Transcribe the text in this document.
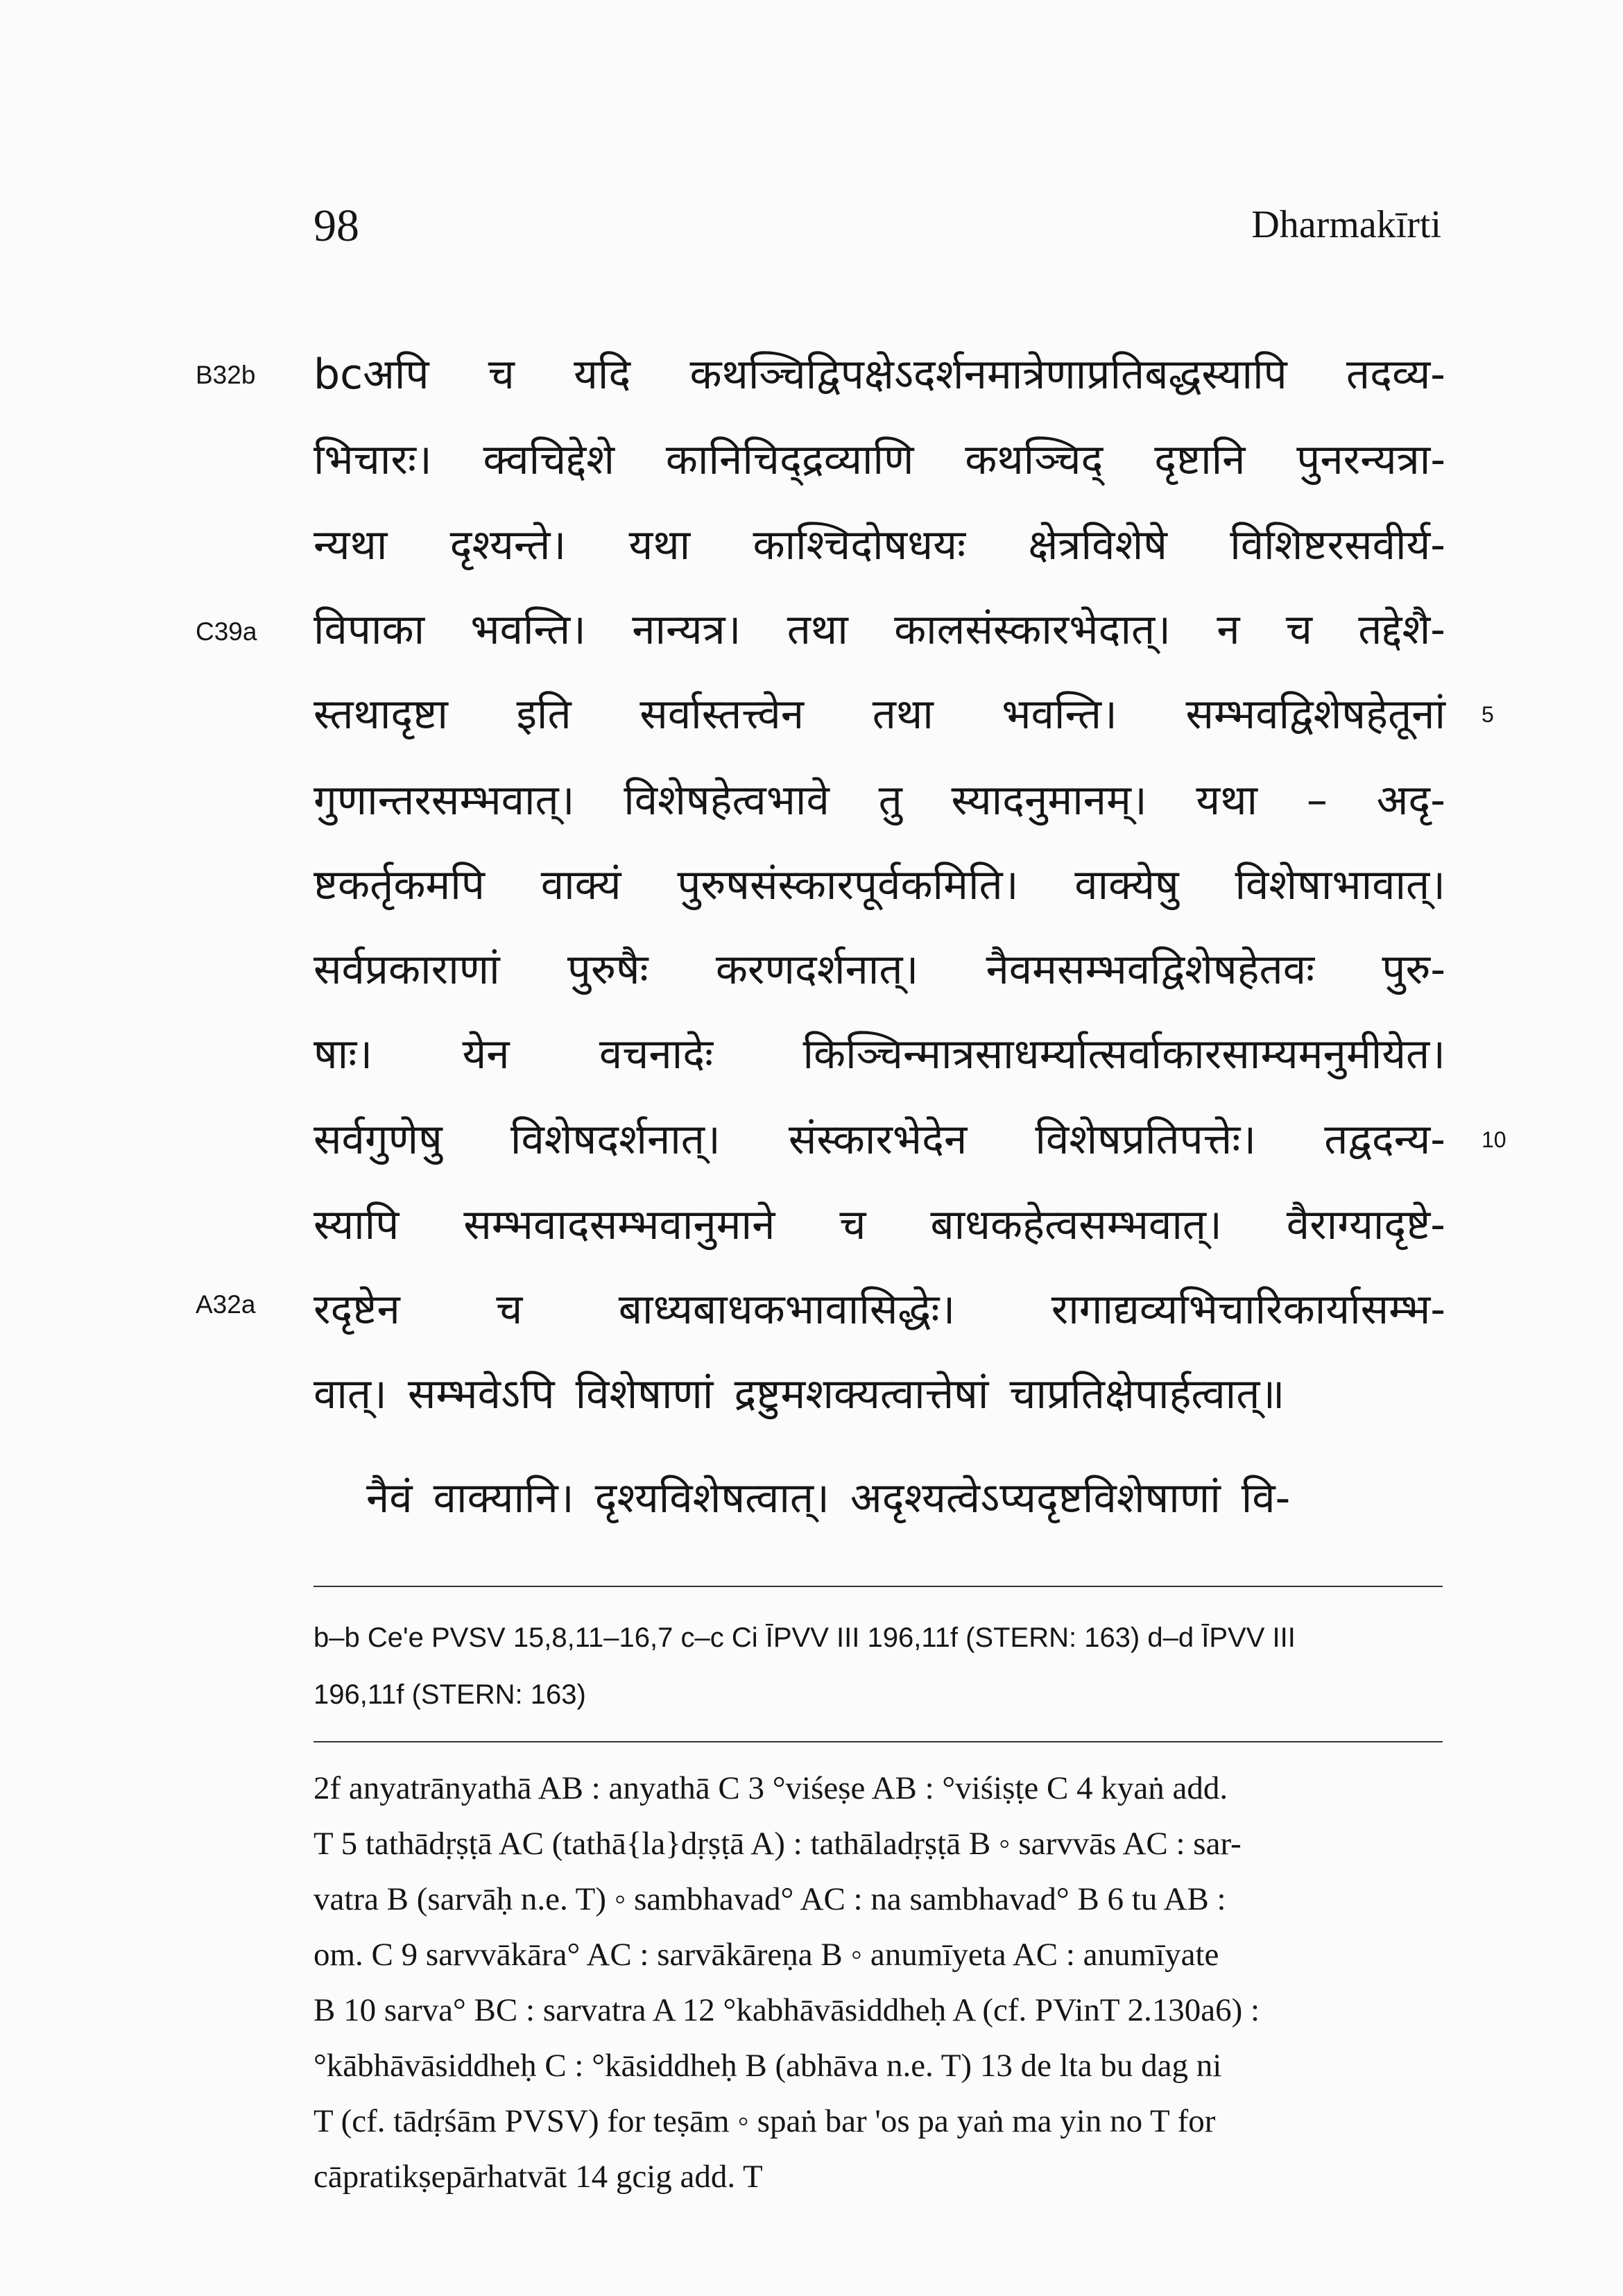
98	Dharmakīrti
B32b
C39a
A32a
5
10
bcअपि च यदि कथञ्चिद्विपक्षेऽदर्शनमात्रेणाप्रतिबद्धस्यापि तदव्य-
भिचारः। क्वचिद्देशे कानिचिद्द्रव्याणि कथञ्चिद् दृष्टानि पुनरन्यत्रा-
न्यथा दृश्यन्ते। यथा काश्चिदोषधयः क्षेत्रविशेषे विशिष्टरसवीर्य-
विपाका भवन्ति। नान्यत्र। तथा कालसंस्कारभेदात्। न च तद्देशै-
स्तथादृष्टा इति सर्वास्तत्त्वेन तथा भवन्ति। सम्भवद्विशेषहेतूनां
गुणान्तरसम्भवात्। विशेषहेत्वभावे तु स्यादनुमानम्। यथा – अदृ-
ष्टकर्तृकमपि वाक्यं पुरुषसंस्कारपूर्वकमिति। वाक्येषु विशेषाभावात्।
सर्वप्रकाराणां पुरुषैः करणदर्शनात्। नैवमसम्भवद्विशेषहेतवः पुरु-
षाः। येन वचनादेः किञ्चिन्मात्रसाधर्म्यात्सर्वाकारसाम्यमनुमीयेत।
सर्वगुणेषु विशेषदर्शनात्। संस्कारभेदेन विशेषप्रतिपत्तेः। तद्वदन्य-
स्यापि सम्भवादसम्भवानुमाने च बाधकहेत्वसम्भवात्। वैराग्यादृष्टे-
रदृष्टेन च बाध्यबाधकभावासिद्धेः। रागाद्यव्यभिचारिकार्यासम्भ-
वात्। सम्भवेऽपि विशेषाणां द्रष्टुमशक्यत्वात्तेषां चाप्रतिक्षेपार्हत्वात्॥
नैवं वाक्यानि। दृश्यविशेषत्वात्। अदृश्यत्वेऽप्यदृष्टविशेषाणां वि-
b–b Ce'e PVSV 15,8,11–16,7 c–c Ci ĪPVV III 196,11f (STERN: 163) d–d ĪPVV III
196,11f (STERN: 163)
2f anyatrānyathā AB : anyathā C 3 °viśeṣe AB : °viśiṣṭe C 4 kyaṅ add.
T 5 tathādṛṣṭā AC (tathā{la}dṛṣṭā A) : tathāladṛṣṭā B ◦ sarvvās AC : sar-
vatra B (sarvāḥ n.e. T) ◦ sambhavad° AC : na sambhavad° B 6 tu AB :
om. C 9 sarvvākāra° AC : sarvākāreṇa B ◦ anumīyeta AC : anumīyate
B 10 sarva° BC : sarvatra A 12 °kabhāvāsiddheḥ A (cf. PVinT 2.130a6) :
°kābhāvāsiddheḥ C : °kāsiddheḥ B (abhāva n.e. T) 13 de lta bu dag ni
T (cf. tādṛśām PVSV) for teṣām ◦ spaṅ bar 'os pa yaṅ ma yin no T for
cāpratikṣepārhatvāt 14 gcig add. T
